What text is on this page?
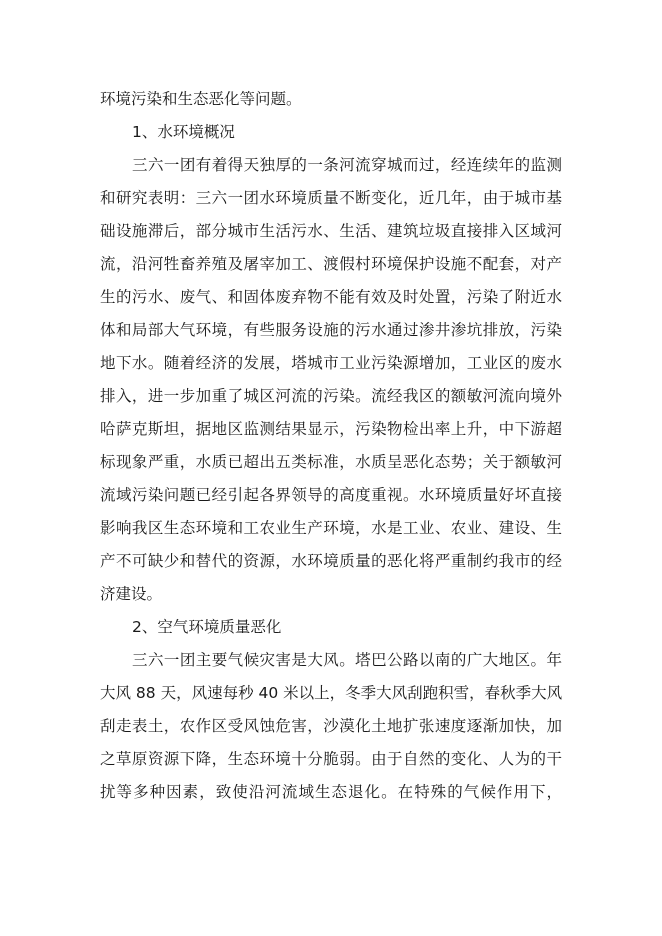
环境污染和生态恶化等问题。
1、水环境概况
三六一团有着得天独厚的一条河流穿城而过，经连续年的监测
和研究表明：三六一团水环境质量不断变化，近几年，由于城市基
础设施滞后，部分城市生活污水、生活、建筑垃圾直接排入区域河
流，沿河牲畜养殖及屠宰加工、渡假村环境保护设施不配套，对产
生的污水、废气、和固体废弃物不能有效及时处置，污染了附近水
体和局部大气环境，有些服务设施的污水通过渗井渗坑排放，污染
地下水。随着经济的发展，塔城市工业污染源增加，工业区的废水
排入，进一步加重了城区河流的污染。流经我区的额敏河流向境外
哈萨克斯坦，据地区监测结果显示，污染物检出率上升，中下游超
标现象严重，水质已超出五类标准，水质呈恶化态势；关于额敏河
流域污染问题已经引起各界领导的高度重视。水环境质量好坏直接
影响我区生态环境和工农业生产环境，水是工业、农业、建设、生
产不可缺少和替代的资源，水环境质量的恶化将严重制约我市的经
济建设。
2、空气环境质量恶化
三六一团主要气候灾害是大风。塔巴公路以南的广大地区。年
大风 88 天，风速每秒 40 米以上，冬季大风刮跑积雪，春秋季大风
刮走表土，农作区受风蚀危害，沙漠化土地扩张速度逐渐加快，加
之草原资源下降，生态环境十分脆弱。由于自然的变化、人为的干
扰等多种因素，致使沿河流域生态退化。在特殊的气候作用下，
